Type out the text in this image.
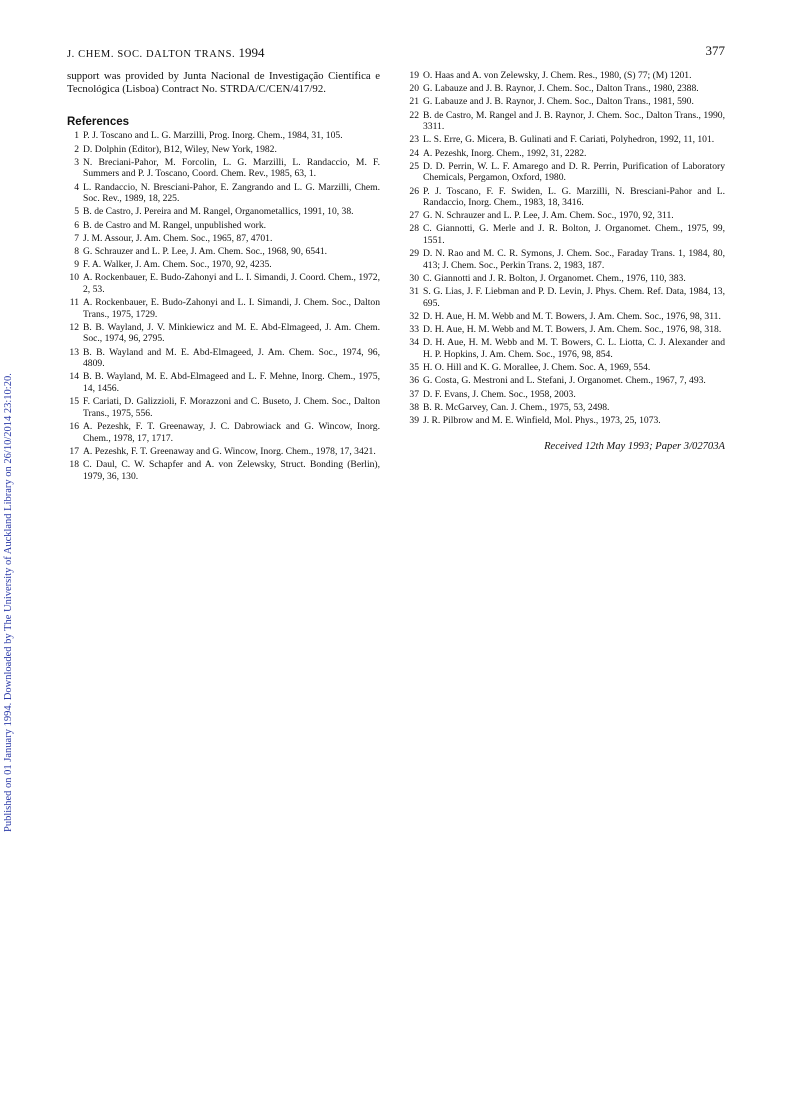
J. CHEM. SOC. DALTON TRANS. 1994	377
Published on 01 January 1994. Downloaded by The University of Auckland Library on 26/10/2014 23:10:20.

support was provided by Junta Nacional de Investigação Científica e Tecnológica (Lisboa) Contract No. STRDA/C/CEN/417/92.

References
1 P. J. Toscano and L. G. Marzilli, Prog. Inorg. Chem., 1984, 31, 105.
2 D. Dolphin (Editor), B12, Wiley, New York, 1982.
3 N. Breciani-Pahor, M. Forcolin, L. G. Marzilli, L. Randaccio, M. F. Summers and P. J. Toscano, Coord. Chem. Rev., 1985, 63, 1.
4 L. Randaccio, N. Bresciani-Pahor, E. Zangrando and L. G. Marzilli, Chem. Soc. Rev., 1989, 18, 225.
5 B. de Castro, J. Pereira and M. Rangel, Organometallics, 1991, 10, 38.
6 B. de Castro and M. Rangel, unpublished work.
7 J. M. Assour, J. Am. Chem. Soc., 1965, 87, 4701.
8 G. Schrauzer and L. P. Lee, J. Am. Chem. Soc., 1968, 90, 6541.
9 F. A. Walker, J. Am. Chem. Soc., 1970, 92, 4235.
10 A. Rockenbauer, E. Budo-Zahonyi and L. I. Simandi, J. Coord. Chem., 1972, 2, 53.
11 A. Rockenbauer, E. Budo-Zahonyi and L. I. Simandi, J. Chem. Soc., Dalton Trans., 1975, 1729.
12 B. B. Wayland, J. V. Minkiewicz and M. E. Abd-Elmageed, J. Am. Chem. Soc., 1974, 96, 2795.
13 B. B. Wayland and M. E. Abd-Elmageed, J. Am. Chem. Soc., 1974, 96, 4809.
14 B. B. Wayland, M. E. Abd-Elmageed and L. F. Mehne, Inorg. Chem., 1975, 14, 1456.
15 F. Cariati, D. Galizzioli, F. Morazzoni and C. Buseto, J. Chem. Soc., Dalton Trans., 1975, 556.
16 A. Pezeshk, F. T. Greenaway, J. C. Dabrowiack and G. Wincow, Inorg. Chem., 1978, 17, 1717.
17 A. Pezeshk, F. T. Greenaway and G. Wincow, Inorg. Chem., 1978, 17, 3421.
18 C. Daul, C. W. Schapfer and A. von Zelewsky, Struct. Bonding (Berlin), 1979, 36, 130.
19 O. Haas and A. von Zelewsky, J. Chem. Res., 1980, (S) 77; (M) 1201.
20 G. Labauze and J. B. Raynor, J. Chem. Soc., Dalton Trans., 1980, 2388.
21 G. Labauze and J. B. Raynor, J. Chem. Soc., Dalton Trans., 1981, 590.
22 B. de Castro, M. Rangel and J. B. Raynor, J. Chem. Soc., Dalton Trans., 1990, 3311.
23 L. S. Erre, G. Micera, B. Gulinati and F. Cariati, Polyhedron, 1992, 11, 101.
24 A. Pezeshk, Inorg. Chem., 1992, 31, 2282.
25 D. D. Perrin, W. L. F. Amarego and D. R. Perrin, Purification of Laboratory Chemicals, Pergamon, Oxford, 1980.
26 P. J. Toscano, F. F. Swiden, L. G. Marzilli, N. Bresciani-Pahor and L. Randaccio, Inorg. Chem., 1983, 18, 3416.
27 G. N. Schrauzer and L. P. Lee, J. Am. Chem. Soc., 1970, 92, 311.
28 C. Giannotti, G. Merle and J. R. Bolton, J. Organomet. Chem., 1975, 99, 1551.
29 D. N. Rao and M. C. R. Symons, J. Chem. Soc., Faraday Trans. 1, 1984, 80, 413; J. Chem. Soc., Perkin Trans. 2, 1983, 187.
30 C. Giannotti and J. R. Bolton, J. Organomet. Chem., 1976, 110, 383.
31 S. G. Lias, J. F. Liebman and P. D. Levin, J. Phys. Chem. Ref. Data, 1984, 13, 695.
32 D. H. Aue, H. M. Webb and M. T. Bowers, J. Am. Chem. Soc., 1976, 98, 311.
33 D. H. Aue, H. M. Webb and M. T. Bowers, J. Am. Chem. Soc., 1976, 98, 318.
34 D. H. Aue, H. M. Webb and M. T. Bowers, C. L. Liotta, C. J. Alexander and H. P. Hopkins, J. Am. Chem. Soc., 1976, 98, 854.
35 H. O. Hill and K. G. Morallee, J. Chem. Soc. A, 1969, 554.
36 G. Costa, G. Mestroni and L. Stefani, J. Organomet. Chem., 1967, 7, 493.
37 D. F. Evans, J. Chem. Soc., 1958, 2003.
38 B. R. McGarvey, Can. J. Chem., 1975, 53, 2498.
39 J. R. Pilbrow and M. E. Winfield, Mol. Phys., 1973, 25, 1073.
Received 12th May 1993; Paper 3/02703A
